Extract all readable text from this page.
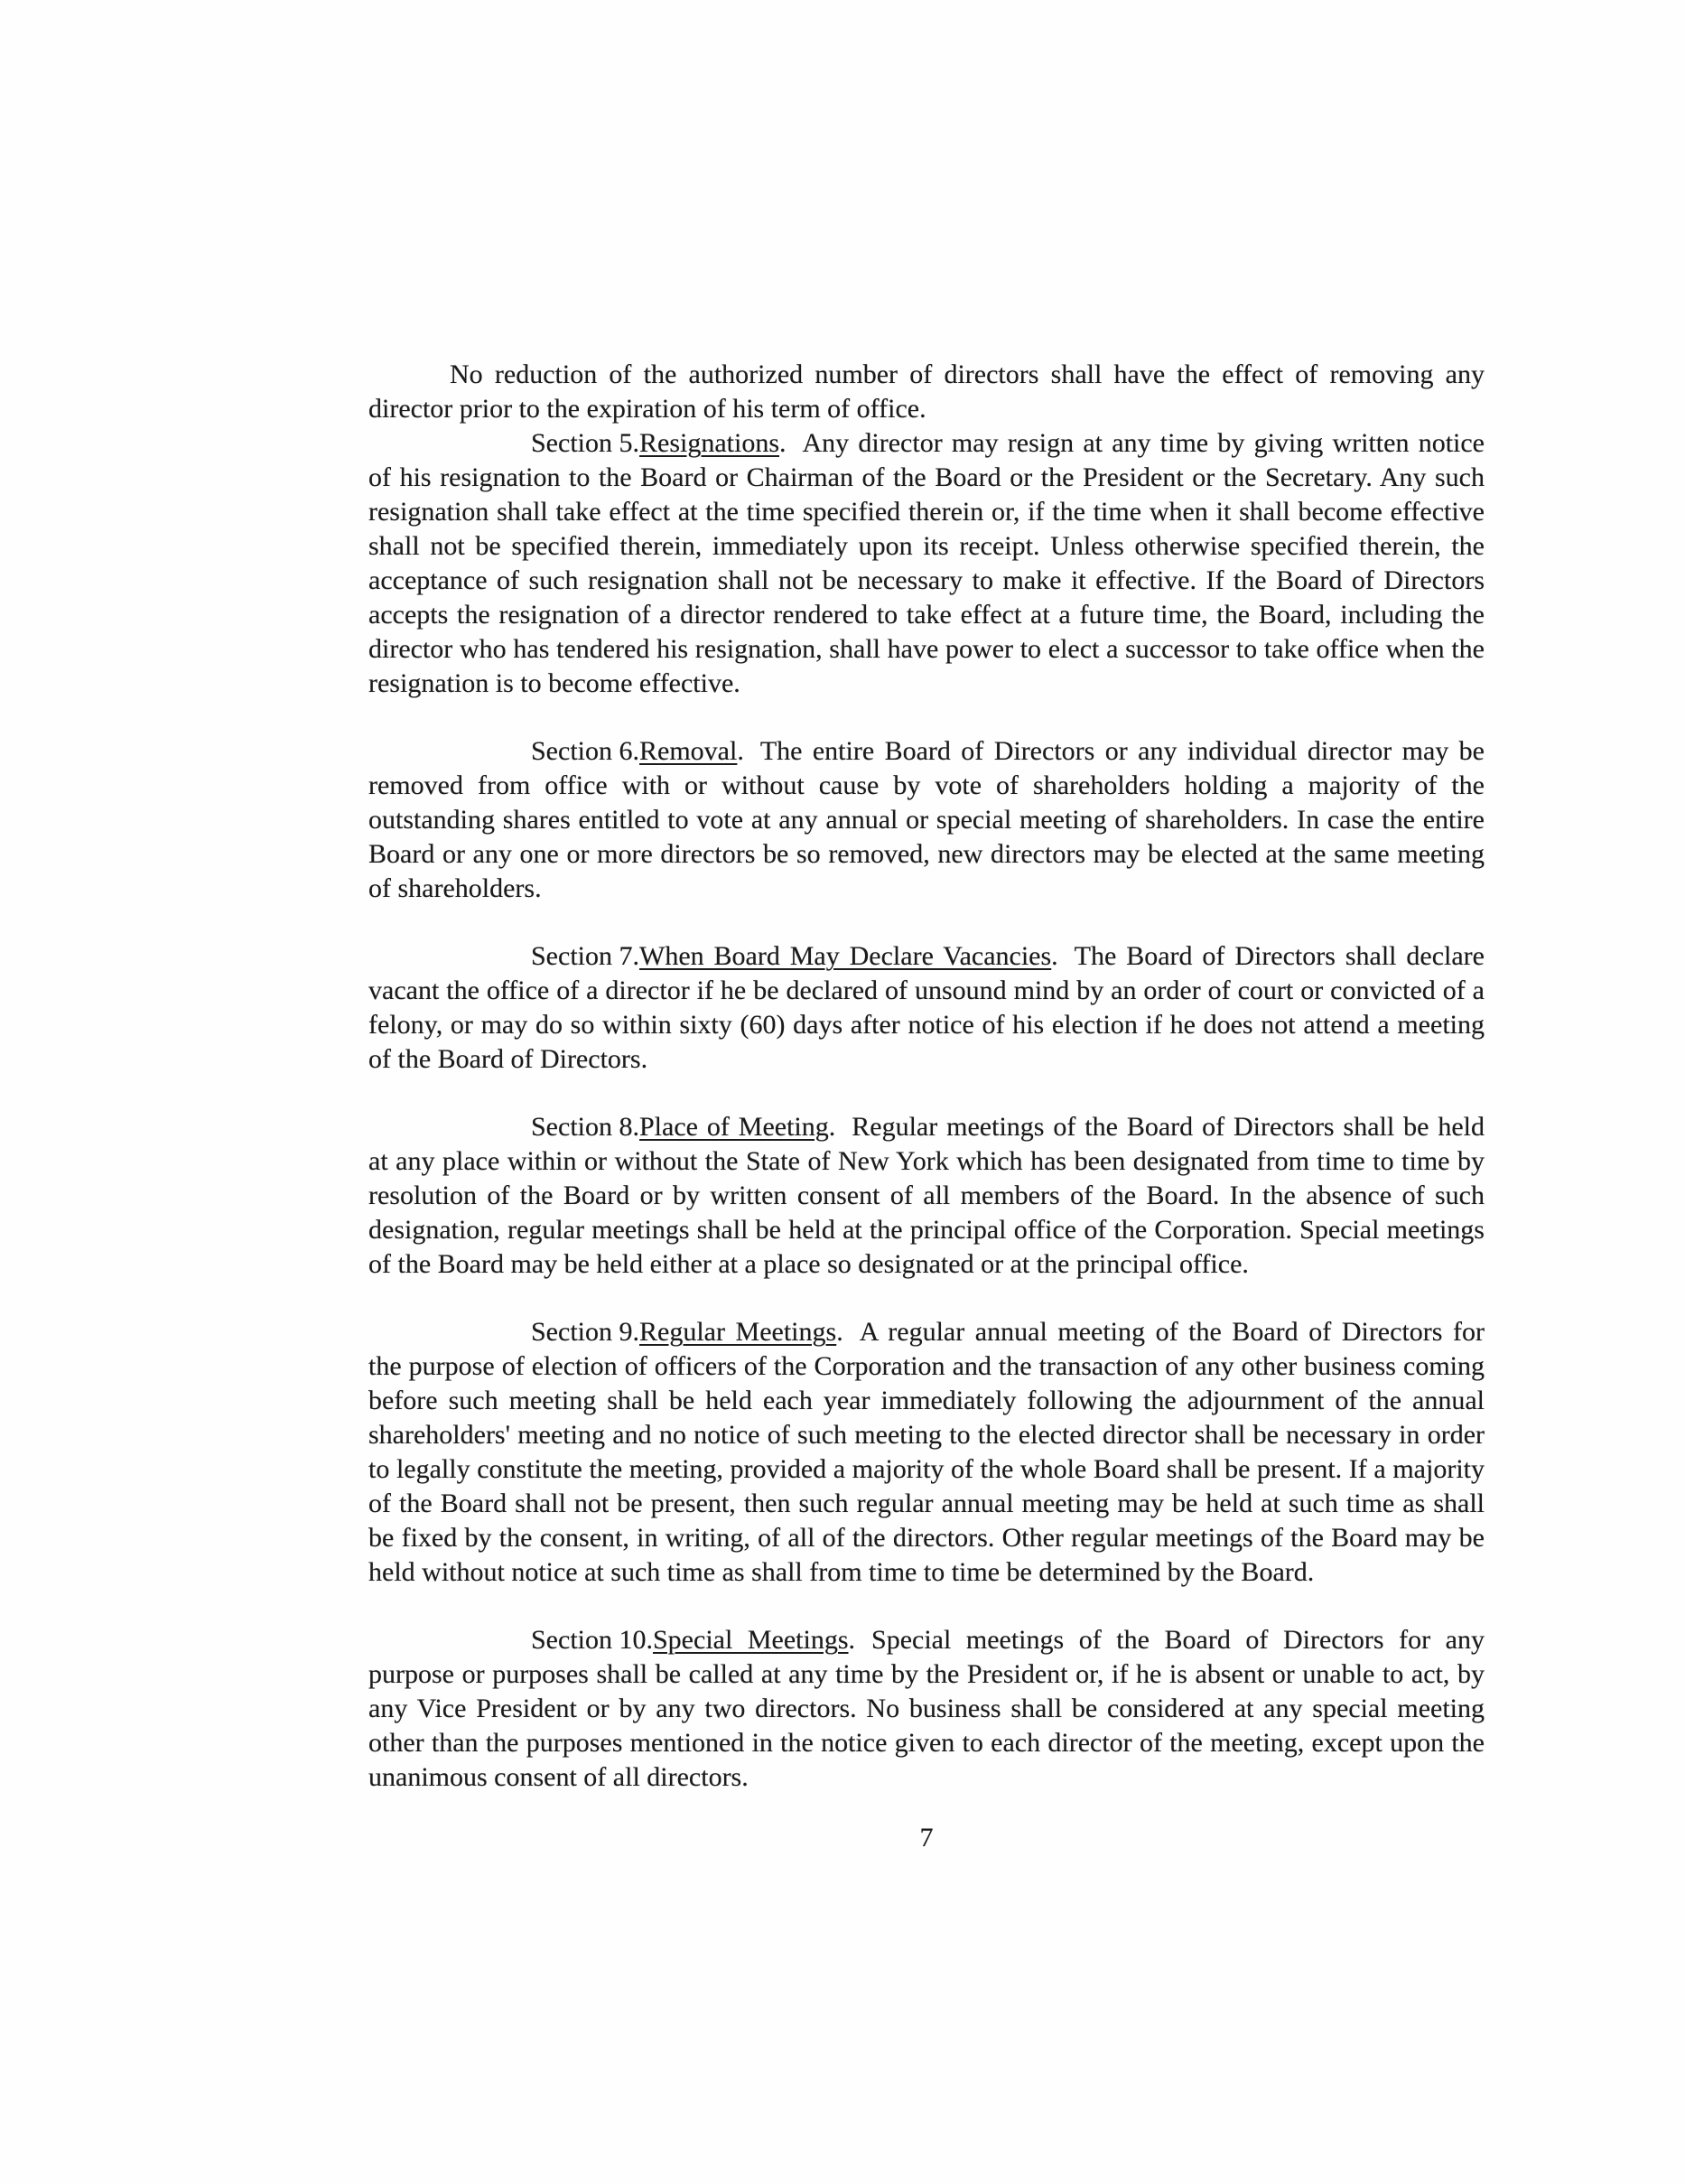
No reduction of the authorized number of directors shall have the effect of removing any director prior to the expiration of his term of office.

Section 5.Resignations. Any director may resign at any time by giving written notice of his resignation to the Board or Chairman of the Board or the President or the Secretary. Any such resignation shall take effect at the time specified therein or, if the time when it shall become effective shall not be specified therein, immediately upon its receipt. Unless otherwise specified therein, the acceptance of such resignation shall not be necessary to make it effective. If the Board of Directors accepts the resignation of a director rendered to take effect at a future time, the Board, including the director who has tendered his resignation, shall have power to elect a successor to take office when the resignation is to become effective.

Section 6.Removal. The entire Board of Directors or any individual director may be removed from office with or without cause by vote of shareholders holding a majority of the outstanding shares entitled to vote at any annual or special meeting of shareholders. In case the entire Board or any one or more directors be so removed, new directors may be elected at the same meeting of shareholders.

Section 7.When Board May Declare Vacancies. The Board of Directors shall declare vacant the office of a director if he be declared of unsound mind by an order of court or convicted of a felony, or may do so within sixty (60) days after notice of his election if he does not attend a meeting of the Board of Directors.

Section 8.Place of Meeting. Regular meetings of the Board of Directors shall be held at any place within or without the State of New York which has been designated from time to time by resolution of the Board or by written consent of all members of the Board. In the absence of such designation, regular meetings shall be held at the principal office of the Corporation. Special meetings of the Board may be held either at a place so designated or at the principal office.

Section 9.Regular Meetings. A regular annual meeting of the Board of Directors for the purpose of election of officers of the Corporation and the transaction of any other business coming before such meeting shall be held each year immediately following the adjournment of the annual shareholders' meeting and no notice of such meeting to the elected director shall be necessary in order to legally constitute the meeting, provided a majority of the whole Board shall be present. If a majority of the Board shall not be present, then such regular annual meeting may be held at such time as shall be fixed by the consent, in writing, of all of the directors. Other regular meetings of the Board may be held without notice at such time as shall from time to time be determined by the Board.

Section 10.Special Meetings. Special meetings of the Board of Directors for any purpose or purposes shall be called at any time by the President or, if he is absent or unable to act, by any Vice President or by any two directors. No business shall be considered at any special meeting other than the purposes mentioned in the notice given to each director of the meeting, except upon the unanimous consent of all directors.

7
